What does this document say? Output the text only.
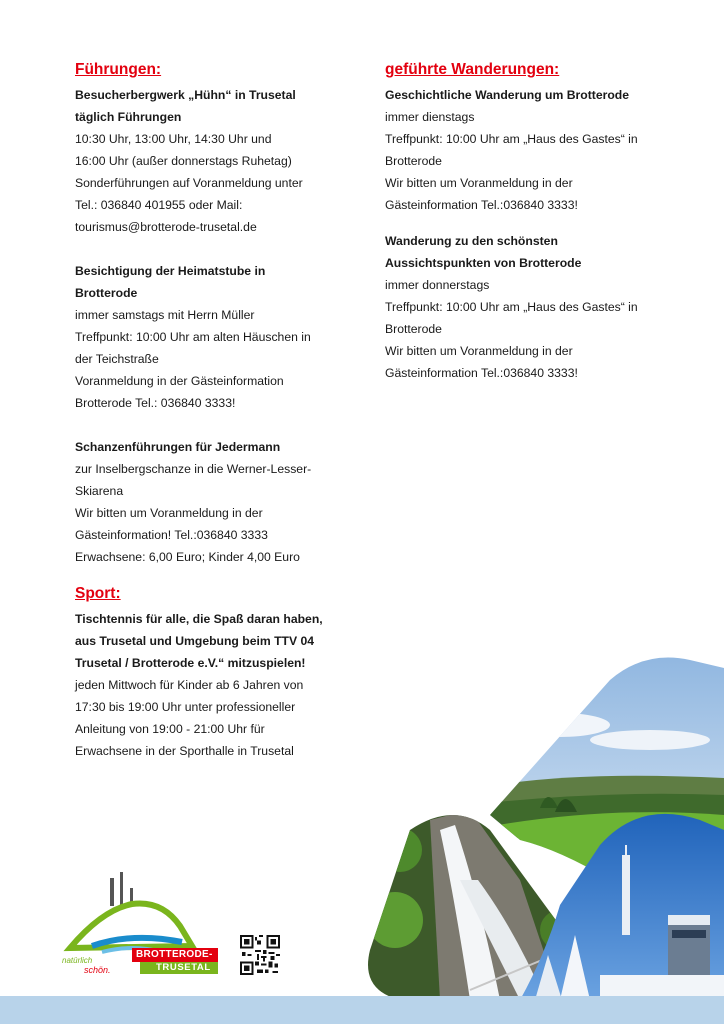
Führungen:
Besucherbergwerk „Hühn“ in Trusetal
täglich Führungen
10:30 Uhr, 13:00 Uhr, 14:30 Uhr und
16:00 Uhr (außer donnerstags Ruhetag)
Sonderführungen auf Voranmeldung unter
Tel.: 036840 401955 oder Mail:
tourismus@brotterode-trusetal.de
Besichtigung der Heimatstube in
Brotterode
immer samstags mit Herrn Müller
Treffpunkt: 10:00 Uhr am alten Häuschen in
der Teichstraße
Voranmeldung in der Gästeinformation
Brotterode Tel.: 036840 3333!
Schanzenführungen für Jedermann
zur Inselbergschanze in die Werner-Lesser-
Skiarena
Wir bitten um Voranmeldung in der
Gästeinformation! Tel.:036840 3333
Erwachsene: 6,00 Euro; Kinder 4,00 Euro
Sport:
Tischtennis für alle, die Spaß daran haben,
aus Trusetal und Umgebung beim TTV 04
Trusetal / Brotterode e.V.“ mitzuspielen!
jeden Mittwoch für Kinder ab 6 Jahren von
17:30 bis 19:00 Uhr unter professioneller
Anleitung von 19:00 - 21:00 Uhr für
Erwachsene in der Sporthalle in Trusetal
geführte Wanderungen:
Geschichtliche Wanderung um Brotterode
immer dienstags
Treffpunkt: 10:00 Uhr am „Haus des Gastes“ in
Brotterode
Wir bitten um Voranmeldung in der
Gästeinformation Tel.:036840 3333!
Wanderung zu den schönsten
Aussichtspunkten von Brotterode
immer donnerstags
Treffpunkt: 10:00 Uhr am „Haus des Gastes“ in
Brotterode
Wir bitten um Voranmeldung in der
Gästeinformation Tel.:036840 3333!
BROTTERODE-
TRUSETAL
natürlich
schön.
